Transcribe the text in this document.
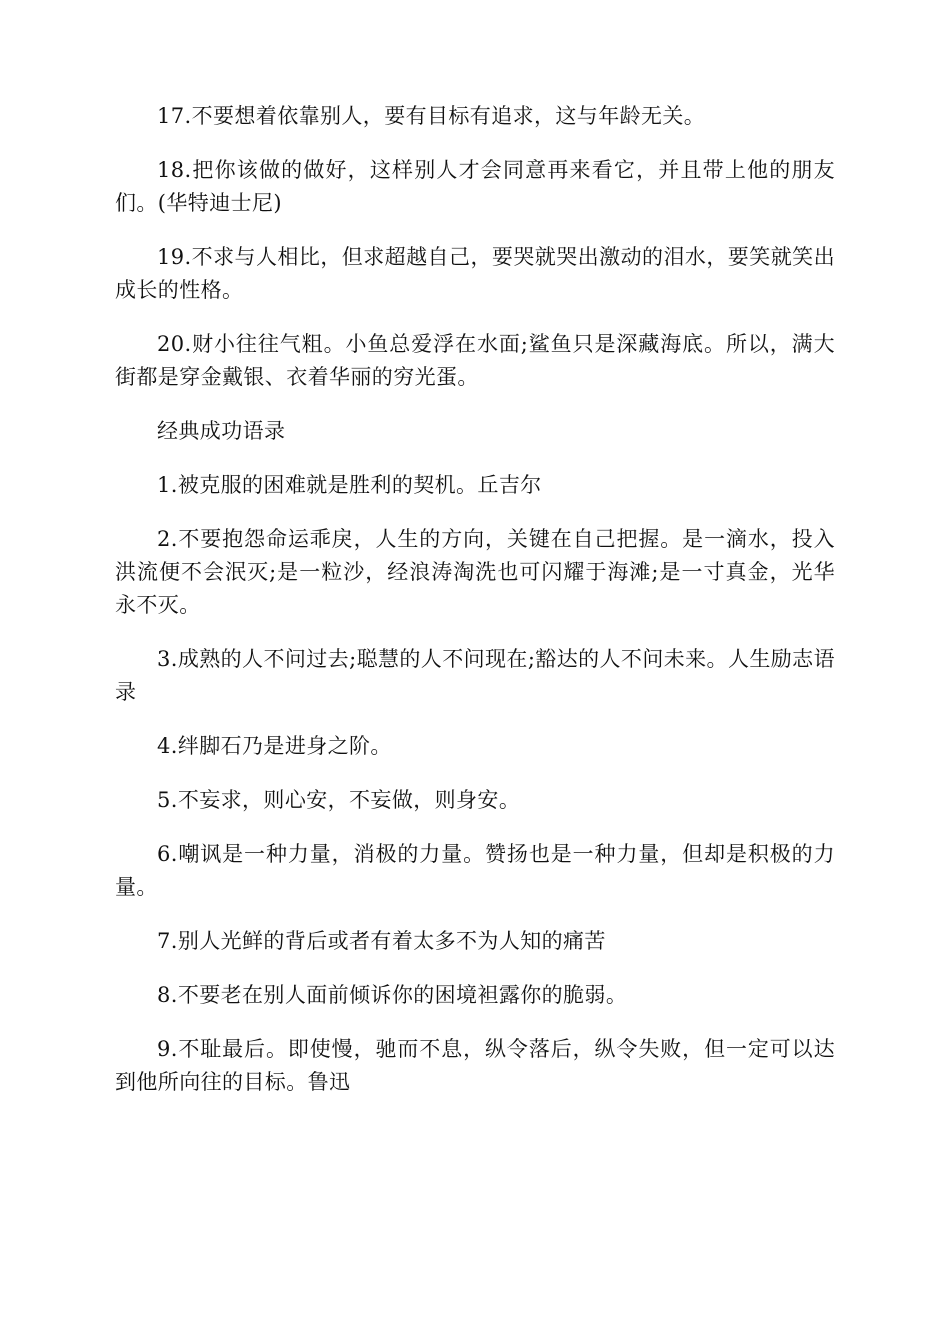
17.不要想着依靠别人，要有目标有追求，这与年龄无关。

18.把你该做的做好，这样别人才会同意再来看它，并且带上他的朋友们。(华特迪士尼)

19.不求与人相比，但求超越自己，要哭就哭出激动的泪水，要笑就笑出成长的性格。

20.财小往往气粗。小鱼总爱浮在水面;鲨鱼只是深藏海底。所以，满大街都是穿金戴银、衣着华丽的穷光蛋。

经典成功语录

1.被克服的困难就是胜利的契机。丘吉尔

2.不要抱怨命运乖戾，人生的方向，关键在自己把握。是一滴水，投入洪流便不会泯灭;是一粒沙，经浪涛淘洗也可闪耀于海滩;是一寸真金，光华永不灭。

3.成熟的人不问过去;聪慧的人不问现在;豁达的人不问未来。人生励志语录

4.绊脚石乃是进身之阶。

5.不妄求，则心安，不妄做，则身安。

6.嘲讽是一种力量，消极的力量。赞扬也是一种力量，但却是积极的力量。

7.别人光鲜的背后或者有着太多不为人知的痛苦

8.不要老在别人面前倾诉你的困境袒露你的脆弱。

9.不耻最后。即使慢，驰而不息，纵令落后，纵令失败，但一定可以达到他所向往的目标。鲁迅
